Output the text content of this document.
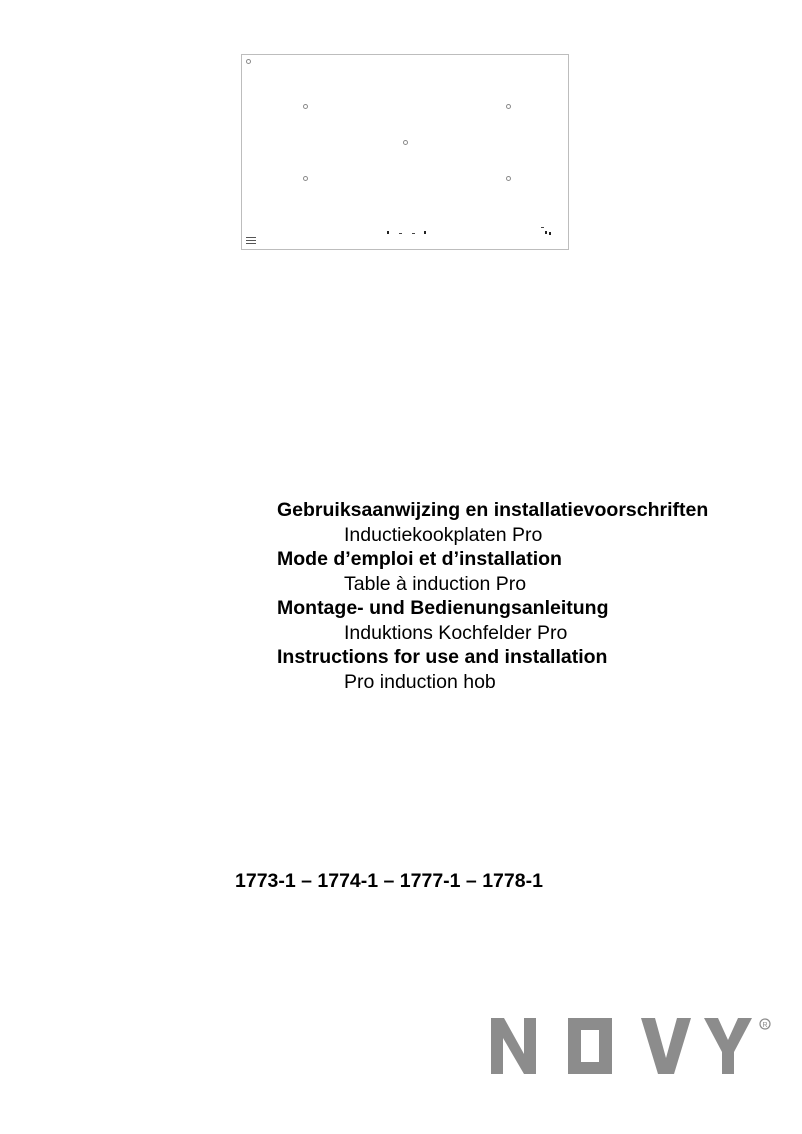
Gebruiksaanwijzing en installatievoorschriften
Inductiekookplaten Pro
Mode d’emploi et d’installation
Table à induction Pro
Montage- und Bedienungsanleitung
Induktions Kochfelder Pro
Instructions for use and installation
Pro induction hob
1773-1 – 1774-1 – 1777-1 – 1778-1
R
